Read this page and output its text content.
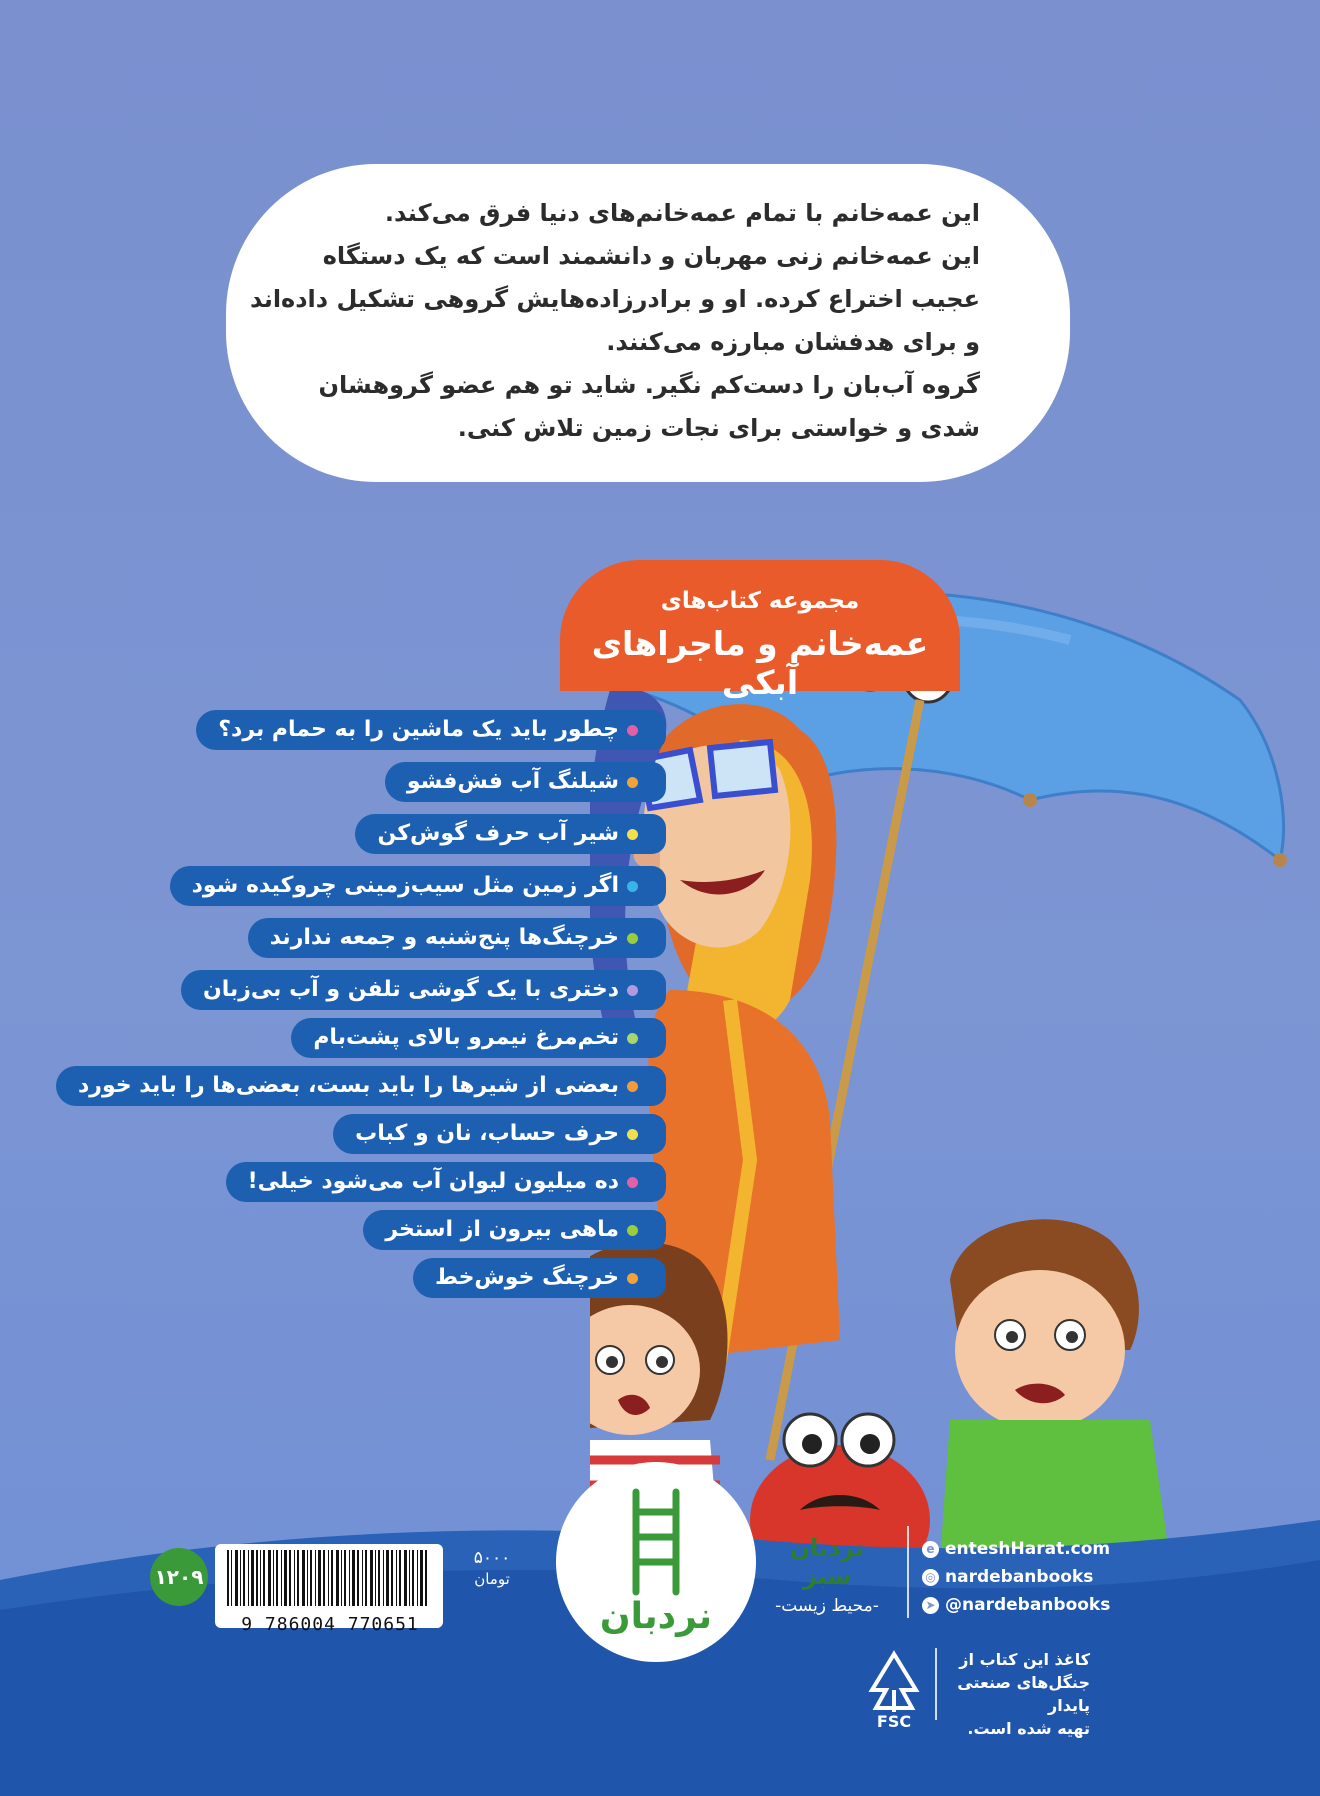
این عمه‌خانم با تمام عمه‌خانم‌های دنیا فرق می‌کند.

این عمه‌خانم زنی مهربان و دانشمند است که یک دستگاه

عجیب اختراع کرده. او و برادرزاده‌هایش گروهی تشکیل داده‌اند

و برای هدفشان مبارزه می‌کنند.

گروه آب‌بان را دست‌کم نگیر. شاید تو هم عضو گروهشان

شدی و خواستی برای نجات زمین تلاش کنی.

مجموعه کتاب‌های
عمه‌خانم و ماجراهای آبکی
چطور باید یک ماشین را به حمام برد؟
شیلنگ آب فش‌فشو
شیر آب حرف گوش‌کن
اگر زمین مثل سیب‌زمینی چروکیده شود
خرچنگ‌ها پنج‌شنبه و جمعه ندارند
دختری با یک گوشی تلفن و آب بی‌زبان
تخم‌مرغ نیمرو بالای پشت‌بام
بعضی از شیرها را باید بست، بعضی‌ها را باید خورد
حرف حساب، نان و کباب
ده میلیون لیوان آب می‌شود خیلی!
ماهی بیرون از استخر
خرچنگ خوش‌خط
۱۲۰۹
9 786004 770651
۵۰۰۰
تومان
نردبان
نردبان سبز
-محیط زیست-
e enteshHarat.com
◎ nardebanbooks
➤ @nardebanbooks
FSC
کاغذ این کتاب از
جنگل‌های صنعتی پایدار
تهیه شده است.
